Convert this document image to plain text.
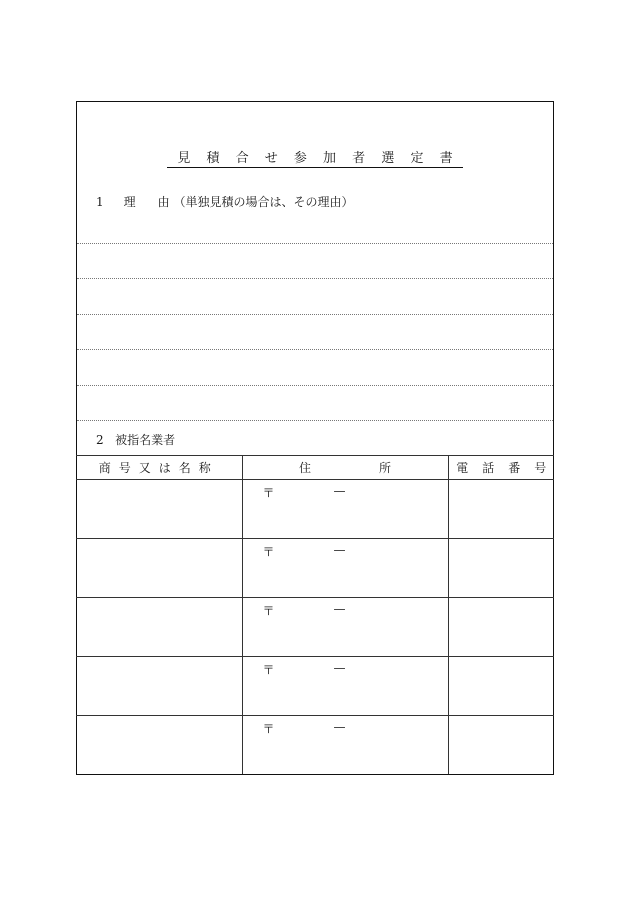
見 積 合 せ 参 加 者 選 定 書
1 理 由 （単独見積の場合は、その理由）
2 被指名業者
商号又は名称	住 所	電 話 番 号

	〒 —	

	〒 —	

	〒 —	

	〒 —	

	〒 —	
